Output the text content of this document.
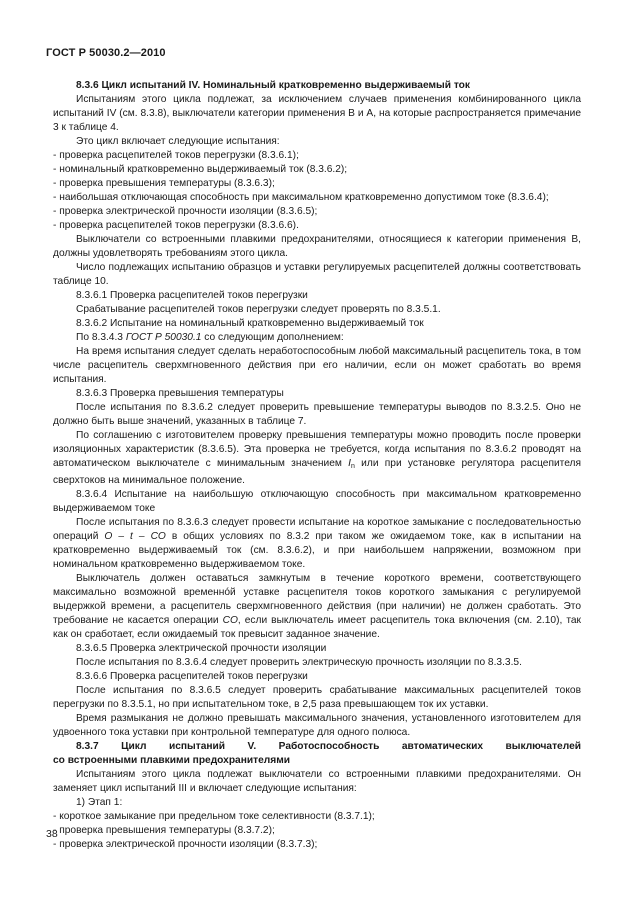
ГОСТ Р 50030.2—2010

8.3.6 Цикл испытаний IV. Номинальный кратковременно выдерживаемый ток

Испытаниям этого цикла подлежат, за исключением случаев применения комбинированного цикла испытаний IV (см. 8.3.8), выключатели категории применения В и А, на которые распространяется примечание 3 к таблице 4.

Это цикл включает следующие испытания:

- проверка расцепителей токов перегрузки (8.3.6.1);

- номинальный кратковременно выдерживаемый ток (8.3.6.2);

- проверка превышения температуры (8.3.6.3);

- наибольшая отключающая способность при максимальном кратковременно допустимом токе (8.3.6.4);

- проверка электрической прочности изоляции (8.3.6.5);

- проверка расцепителей токов перегрузки (8.3.6.6).

Выключатели со встроенными плавкими предохранителями, относящиеся к категории применения В, должны удовлетворять требованиям этого цикла.

Число подлежащих испытанию образцов и уставки регулируемых расцепителей должны соответствовать таблице 10.

8.3.6.1 Проверка расцепителей токов перегрузки

Срабатывание расцепителей токов перегрузки следует проверять по 8.3.5.1.

8.3.6.2 Испытание на номинальный кратковременно выдерживаемый ток

По 8.3.4.3 ГОСТ Р 50030.1 со следующим дополнением:

На время испытания следует сделать неработоспособным любой максимальный расцепитель тока, в том числе расцепитель сверхмгновенного действия при его наличии, если он может сработать во время испытания.

8.3.6.3 Проверка превышения температуры

После испытания по 8.3.6.2 следует проверить превышение температуры выводов по 8.3.2.5. Оно не должно быть выше значений, указанных в таблице 7.

По соглашению с изготовителем проверку превышения температуры можно проводить после проверки изоляционных характеристик (8.3.6.5). Эта проверка не требуется, когда испытания по 8.3.6.2 проводят на автоматическом выключателе с минимальным значением $I_n$ или при установке регулятора расцепителя сверхтоков на минимальное положение.

8.3.6.4 Испытание на наибольшую отключающую способность при максимальном кратковременно выдерживаемом токе

После испытания по 8.3.6.3 следует провести испытание на короткое замыкание с последовательностью операций O – t – CO в общих условиях по 8.3.2 при таком же ожидаемом токе, как в испытании на кратковременно выдерживаемый ток (см. 8.3.6.2), и при наибольшем напряжении, возможном при номинальном кратковременно выдерживаемом токе.

Выключатель должен оставаться замкнутым в течение короткого времени, соответствующего максимально возможной временнóй уставке расцепителя токов короткого замыкания с регулируемой выдержкой времени, а расцепитель сверхмгновенного действия (при наличии) не должен сработать. Это требование не касается операции CO, если выключатель имеет расцепитель тока включения (см. 2.10), так как он сработает, если ожидаемый ток превысит заданное значение.

8.3.6.5 Проверка электрической прочности изоляции

После испытания по 8.3.6.4 следует проверить электрическую прочность изоляции по 8.3.3.5.

8.3.6.6 Проверка расцепителей токов перегрузки

После испытания по 8.3.6.5 следует проверить срабатывание максимальных расцепителей токов перегрузки по 8.3.5.1, но при испытательном токе, в 2,5 раза превышающем ток их уставки.

Время размыкания не должно превышать максимального значения, установленного изготовителем для удвоенного тока уставки при контрольной температуре для одного полюса.

8.3.7 Цикл испытаний V. Работоспособность автоматических выключателей

со встроенными плавкими предохранителями

Испытаниям этого цикла подлежат выключатели со встроенными плавкими предохранителями. Он заменяет цикл испытаний III и включает следующие испытания:

1) Этап 1:

- короткое замыкание при предельном токе селективности (8.3.7.1);

- проверка превышения температуры (8.3.7.2);

- проверка электрической прочности изоляции (8.3.7.3);

38
